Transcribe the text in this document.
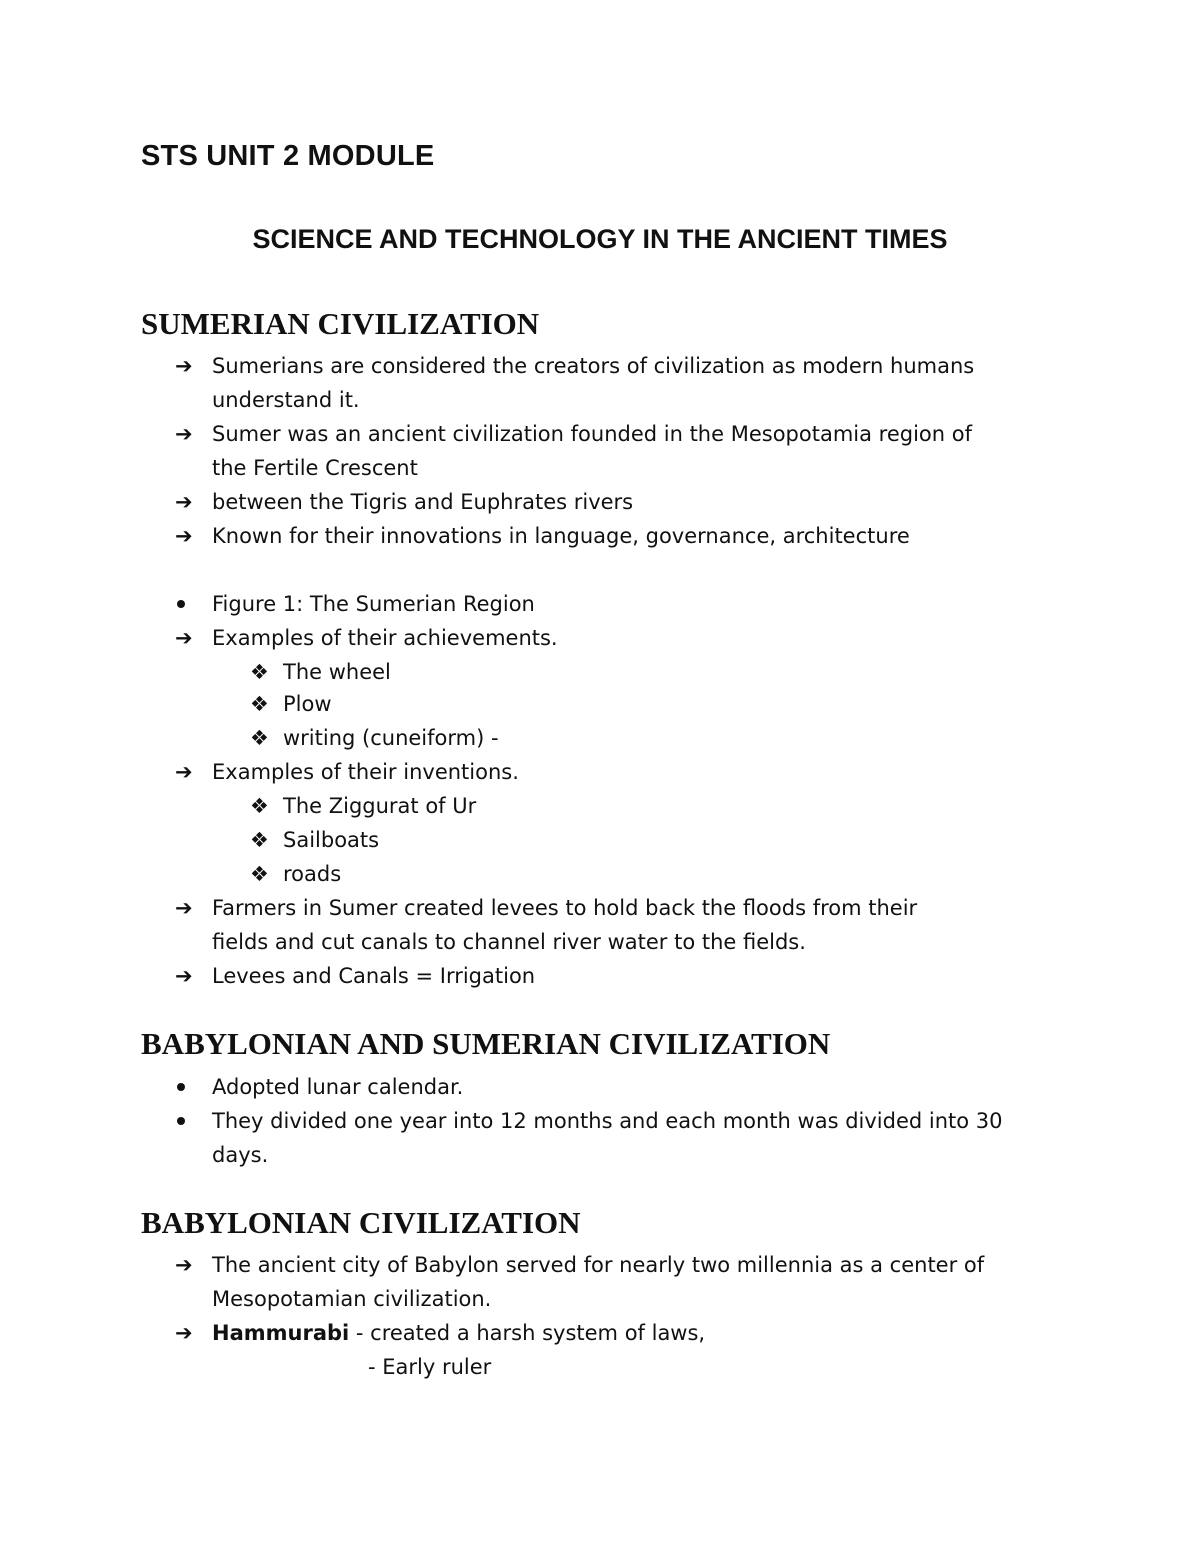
STS UNIT 2 MODULE
SCIENCE AND TECHNOLOGY IN THE ANCIENT TIMES
SUMERIAN CIVILIZATION
➔ Sumerians are considered the creators of civilization as modern humans

understand it.

➔ Sumer was an ancient civilization founded in the Mesopotamia region of

the Fertile Crescent

➔ between the Tigris and Euphrates rivers

➔ Known for their innovations in language, governance, architecture

Figure 1: The Sumerian Region

➔ Examples of their achievements.

❖ The wheel

❖ Plow

❖ writing (cuneiform) -

➔ Examples of their inventions.

❖ The Ziggurat of Ur

❖ Sailboats

❖ roads

➔ Farmers in Sumer created levees to hold back the floods from their

fields and cut canals to channel river water to the fields.

➔ Levees and Canals = Irrigation

BABYLONIAN AND SUMERIAN CIVILIZATION

Adopted lunar calendar.

They divided one year into 12 months and each month was divided into 30

days.

BABYLONIAN CIVILIZATION
➔ The ancient city of Babylon served for nearly two millennia as a center of

Mesopotamian civilization.

➔ Hammurabi - created a harsh system of laws,

- Early ruler
